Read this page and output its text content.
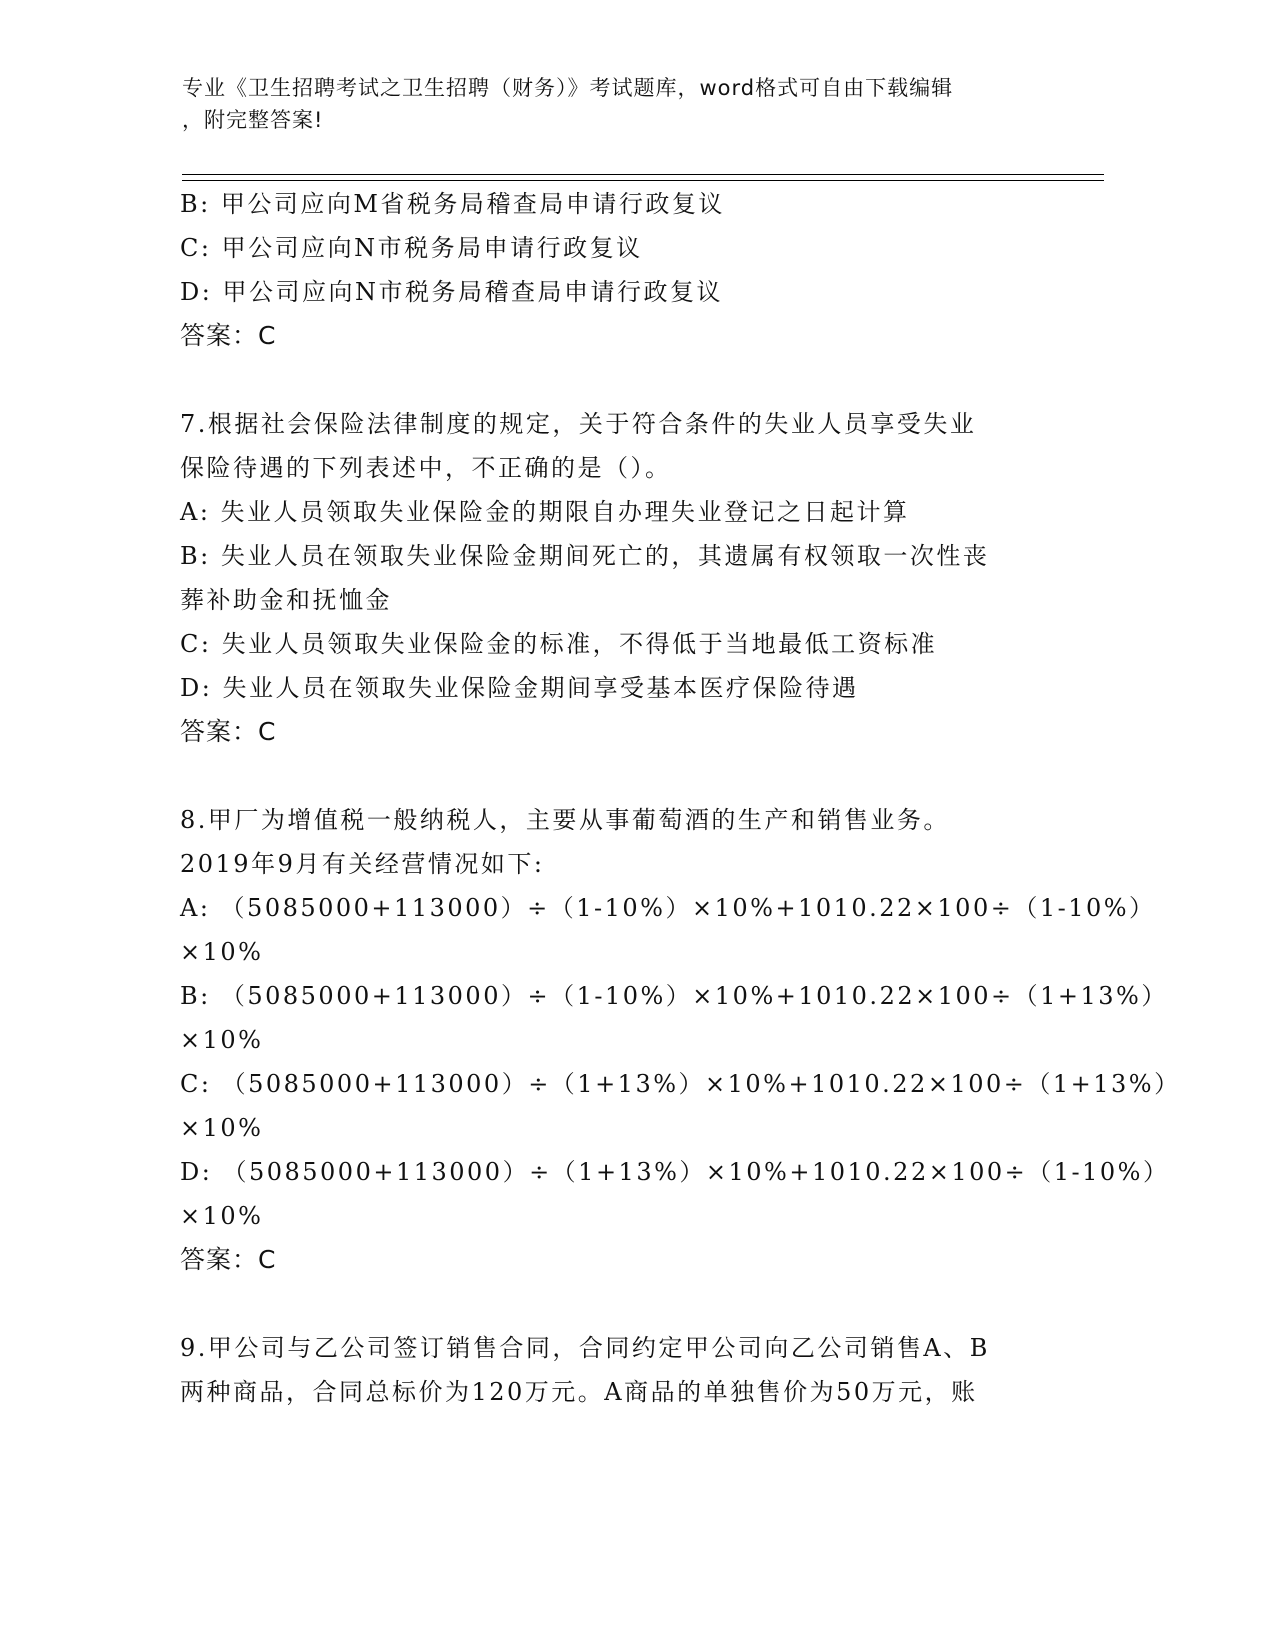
专业《卫生招聘考试之卫生招聘（财务）》考试题库，word格式可自由下载编辑
，附完整答案!
B: 甲公司应向M省税务局稽查局申请行政复议
C: 甲公司应向N市税务局申请行政复议
D: 甲公司应向N市税务局稽查局申请行政复议
答案：C
7.根据社会保险法律制度的规定，关于符合条件的失业人员享受失业
保险待遇的下列表述中，不正确的是（）。
A: 失业人员领取失业保险金的期限自办理失业登记之日起计算
B: 失业人员在领取失业保险金期间死亡的，其遗属有权领取一次性丧
葬补助金和抚恤金
C: 失业人员领取失业保险金的标准，不得低于当地最低工资标准
D: 失业人员在领取失业保险金期间享受基本医疗保险待遇
答案：C
8.甲厂为增值税一般纳税人，主要从事葡萄酒的生产和销售业务。
2019年9月有关经营情况如下:
A: （5085000+113000）÷（1-10%）×10%+1010.22×100÷（1-10%）
×10%
B: （5085000+113000）÷（1-10%）×10%+1010.22×100÷（1+13%）
×10%
C: （5085000+113000）÷（1+13%）×10%+1010.22×100÷（1+13%）
×10%
D: （5085000+113000）÷（1+13%）×10%+1010.22×100÷（1-10%）
×10%
答案：C
9.甲公司与乙公司签订销售合同，合同约定甲公司向乙公司销售A、B
两种商品，合同总标价为120万元。A商品的单独售价为50万元，账
